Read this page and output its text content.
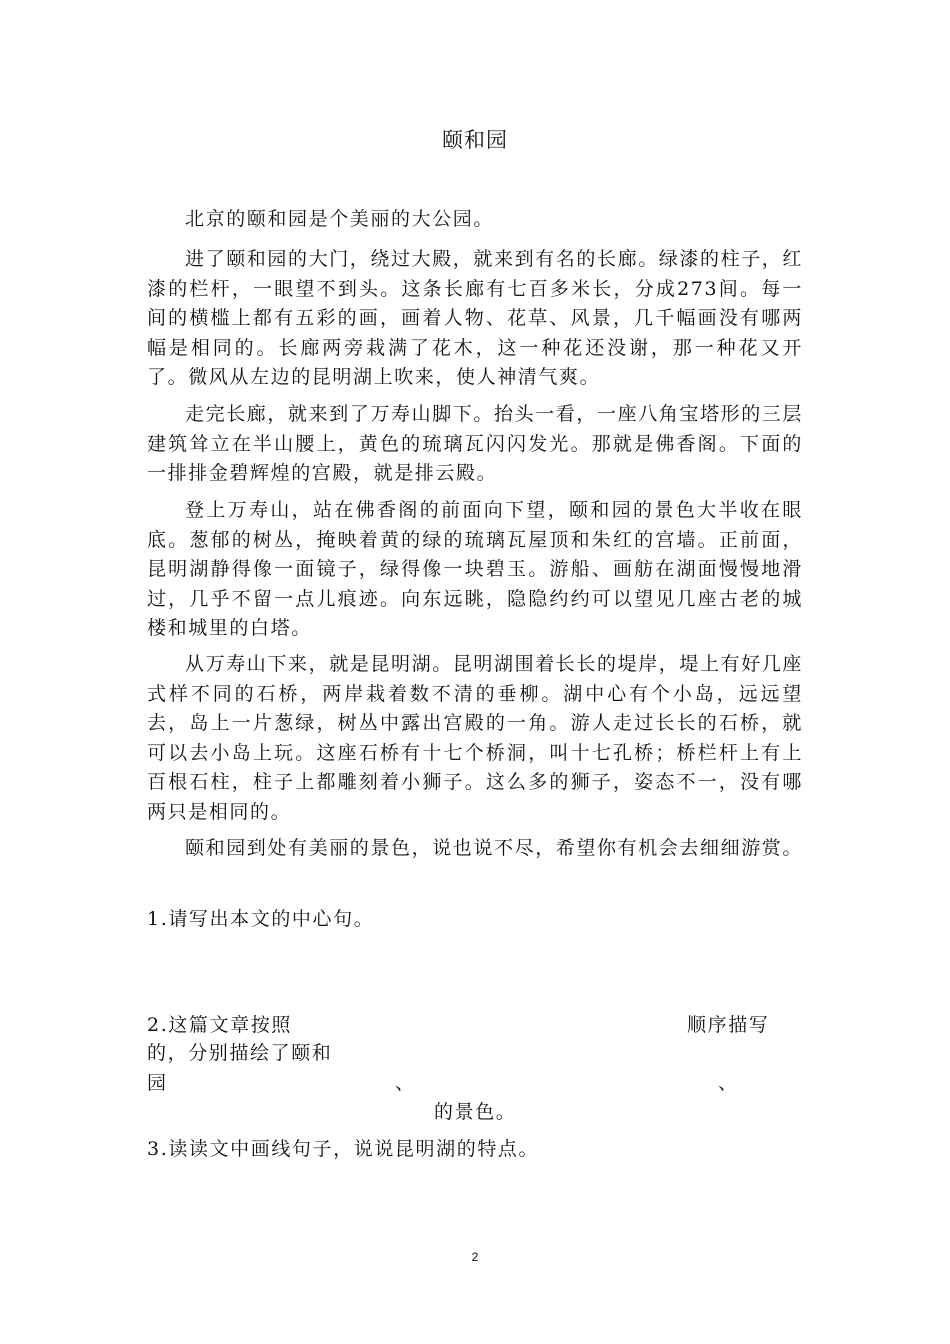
颐和园

北京的颐和园是个美丽的大公园。

进了颐和园的大门，绕过大殿，就来到有名的长廊。绿漆的柱子，红漆的栏杆，一眼望不到头。这条长廊有七百多米长，分成273间。每一间的横槛上都有五彩的画，画着人物、花草、风景，几千幅画没有哪两幅是相同的。长廊两旁栽满了花木，这一种花还没谢，那一种花又开了。微风从左边的昆明湖上吹来，使人神清气爽。

走完长廊，就来到了万寿山脚下。抬头一看，一座八角宝塔形的三层建筑耸立在半山腰上，黄色的琉璃瓦闪闪发光。那就是佛香阁。下面的一排排金碧辉煌的宫殿，就是排云殿。

登上万寿山，站在佛香阁的前面向下望，颐和园的景色大半收在眼底。葱郁的树丛，掩映着黄的绿的琉璃瓦屋顶和朱红的宫墙。正前面，昆明湖静得像一面镜子，绿得像一块碧玉。游船、画舫在湖面慢慢地滑过，几乎不留一点儿痕迹。向东远眺，隐隐约约可以望见几座古老的城楼和城里的白塔。

从万寿山下来，就是昆明湖。昆明湖围着长长的堤岸，堤上有好几座式样不同的石桥，两岸栽着数不清的垂柳。湖中心有个小岛，远远望去，岛上一片葱绿，树丛中露出宫殿的一角。游人走过长长的石桥，就可以去小岛上玩。这座石桥有十七个桥洞，叫十七孔桥；桥栏杆上有上百根石柱，柱子上都雕刻着小狮子。这么多的狮子，姿态不一，没有哪两只是相同的。

颐和园到处有美丽的景色，说也说不尽，希望你有机会去细细游赏。

1.请写出本文的中心句。
2.这篇文章按照	顺序描写
的，分别描绘了颐和
园	、	、
的景色。
3.读读文中画线句子，说说昆明湖的特点。
2
